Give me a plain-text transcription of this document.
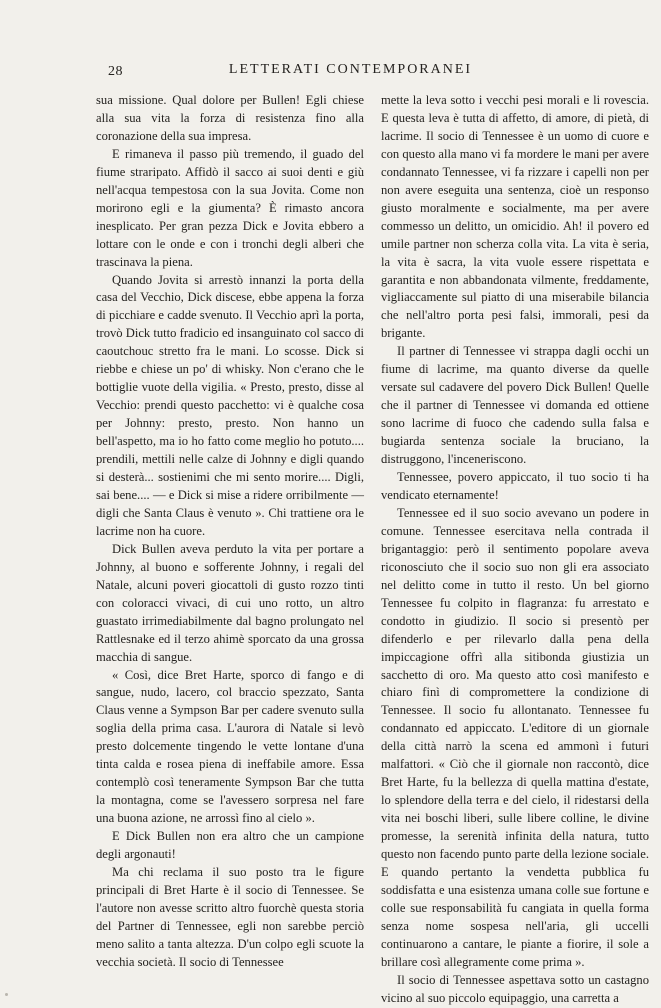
28	LETTERATI CONTEMPORANEI

sua missione. Qual dolore per Bullen! Egli chiese alla sua vita la forza di resistenza fino alla coronazione della sua impresa.

E rimaneva il passo più tremendo, il guado del fiume straripato. Affidò il sacco ai suoi denti e giù nell'acqua tempestosa con la sua Jovita. Come non morirono egli e la giumenta? È rimasto ancora inesplicato. Per gran pezza Dick e Jovita ebbero a lottare con le onde e con i tronchi degli alberi che trascinava la piena.

Quando Jovita si arrestò innanzi la porta della casa del Vecchio, Dick discese, ebbe appena la forza di picchiare e cadde svenuto. Il Vecchio aprì la porta, trovò Dick tutto fradicio ed insanguinato col sacco di caoutchouc stretto fra le mani. Lo scosse. Dick si riebbe e chiese un po' di whisky. Non c'erano che le bottiglie vuote della vigilia. « Presto, presto, disse al Vecchio: prendi questo pacchetto: vi è qualche cosa per Johnny: presto, presto. Non hanno un bell'aspetto, ma io ho fatto come meglio ho potuto.... prendili, mettili nelle calze di Johnny e digli quando si desterà... sostienimi che mi sento morire.... Digli, sai bene.... — e Dick si mise a ridere orribilmente — digli che Santa Claus è venuto ». Chi trattiene ora le lacrime non ha cuore.

Dick Bullen aveva perduto la vita per portare a Johnny, al buono e sofferente Johnny, i regali del Natale, alcuni poveri giocattoli di gusto rozzo tinti con coloracci vivaci, di cui uno rotto, un altro guastato irrimediabilmente dal bagno prolungato nel Rattlesnake ed il terzo ahimè sporcato da una grossa macchia di sangue.

« Così, dice Bret Harte, sporco di fango e di sangue, nudo, lacero, col braccio spezzato, Santa Claus venne a Sympson Bar per cadere svenuto sulla soglia della prima casa. L'aurora di Natale si levò presto dolcemente tingendo le vette lontane d'una tinta calda e rosea piena di ineffabile amore. Essa contemplò così teneramente Sympson Bar che tutta la montagna, come se l'avessero sorpresa nel fare una buona azione, ne arrossì fino al cielo ».

E Dick Bullen non era altro che un campione degli argonauti!

Ma chi reclama il suo posto tra le figure principali di Bret Harte è il socio di Tennessee. Se l'autore non avesse scritto altro fuorchè questa storia del Partner di Tennessee, egli non sarebbe perciò meno salito a tanta altezza. D'un colpo egli scuote la vecchia società. Il socio di Tennessee

mette la leva sotto i vecchi pesi morali e li rovescia. E questa leva è tutta di affetto, di amore, di pietà, di lacrime. Il socio di Tennessee è un uomo di cuore e con questo alla mano vi fa mordere le mani per avere condannato Tennessee, vi fa rizzare i capelli non per non avere eseguita una sentenza, cioè un responso giusto moralmente e socialmente, ma per avere commesso un delitto, un omicidio. Ah! il povero ed umile partner non scherza colla vita. La vita è seria, la vita è sacra, la vita vuole essere rispettata e garantita e non abbandonata vilmente, freddamente, vigliaccamente sul piatto di una miserabile bilancia che nell'altro porta pesi falsi, immorali, pesi da brigante.

Il partner di Tennessee vi strappa dagli occhi un fiume di lacrime, ma quanto diverse da quelle versate sul cadavere del povero Dick Bullen! Quelle che il partner di Tennessee vi domanda ed ottiene sono lacrime di fuoco che cadendo sulla falsa e bugiarda sentenza sociale la bruciano, la distruggono, l'inceneriscono.

Tennessee, povero appiccato, il tuo socio ti ha vendicato eternamente!

Tennessee ed il suo socio avevano un podere in comune. Tennessee esercitava nella contrada il brigantaggio: però il sentimento popolare aveva riconosciuto che il socio suo non gli era associato nel delitto come in tutto il resto. Un bel giorno Tennessee fu colpito in flagranza: fu arrestato e condotto in giudizio. Il socio si presentò per difenderlo e per rilevarlo dalla pena della impiccagione offrì alla sitibonda giustizia un sacchetto di oro. Ma questo atto così manifesto e chiaro finì di compromettere la condizione di Tennessee. Il socio fu allontanato. Tennessee fu condannato ed appiccato. L'editore di un giornale della città narrò la scena ed ammonì i futuri malfattori. « Ciò che il giornale non raccontò, dice Bret Harte, fu la bellezza di quella mattina d'estate, lo splendore della terra e del cielo, il ridestarsi della vita nei boschi liberi, sulle libere colline, le divine promesse, la serenità infinita della natura, tutto questo non facendo punto parte della lezione sociale. E quando pertanto la vendetta pubblica fu soddisfatta e una esistenza umana colle sue fortune e colle sue responsabilità fu cangiata in quella forma senza nome sospesa nell'aria, gli uccelli continuarono a cantare, le piante a fiorire, il sole a brillare così allegramente come prima ».

Il socio di Tennessee aspettava sotto un castagno vicino al suo piccolo equipaggio, una carretta a
